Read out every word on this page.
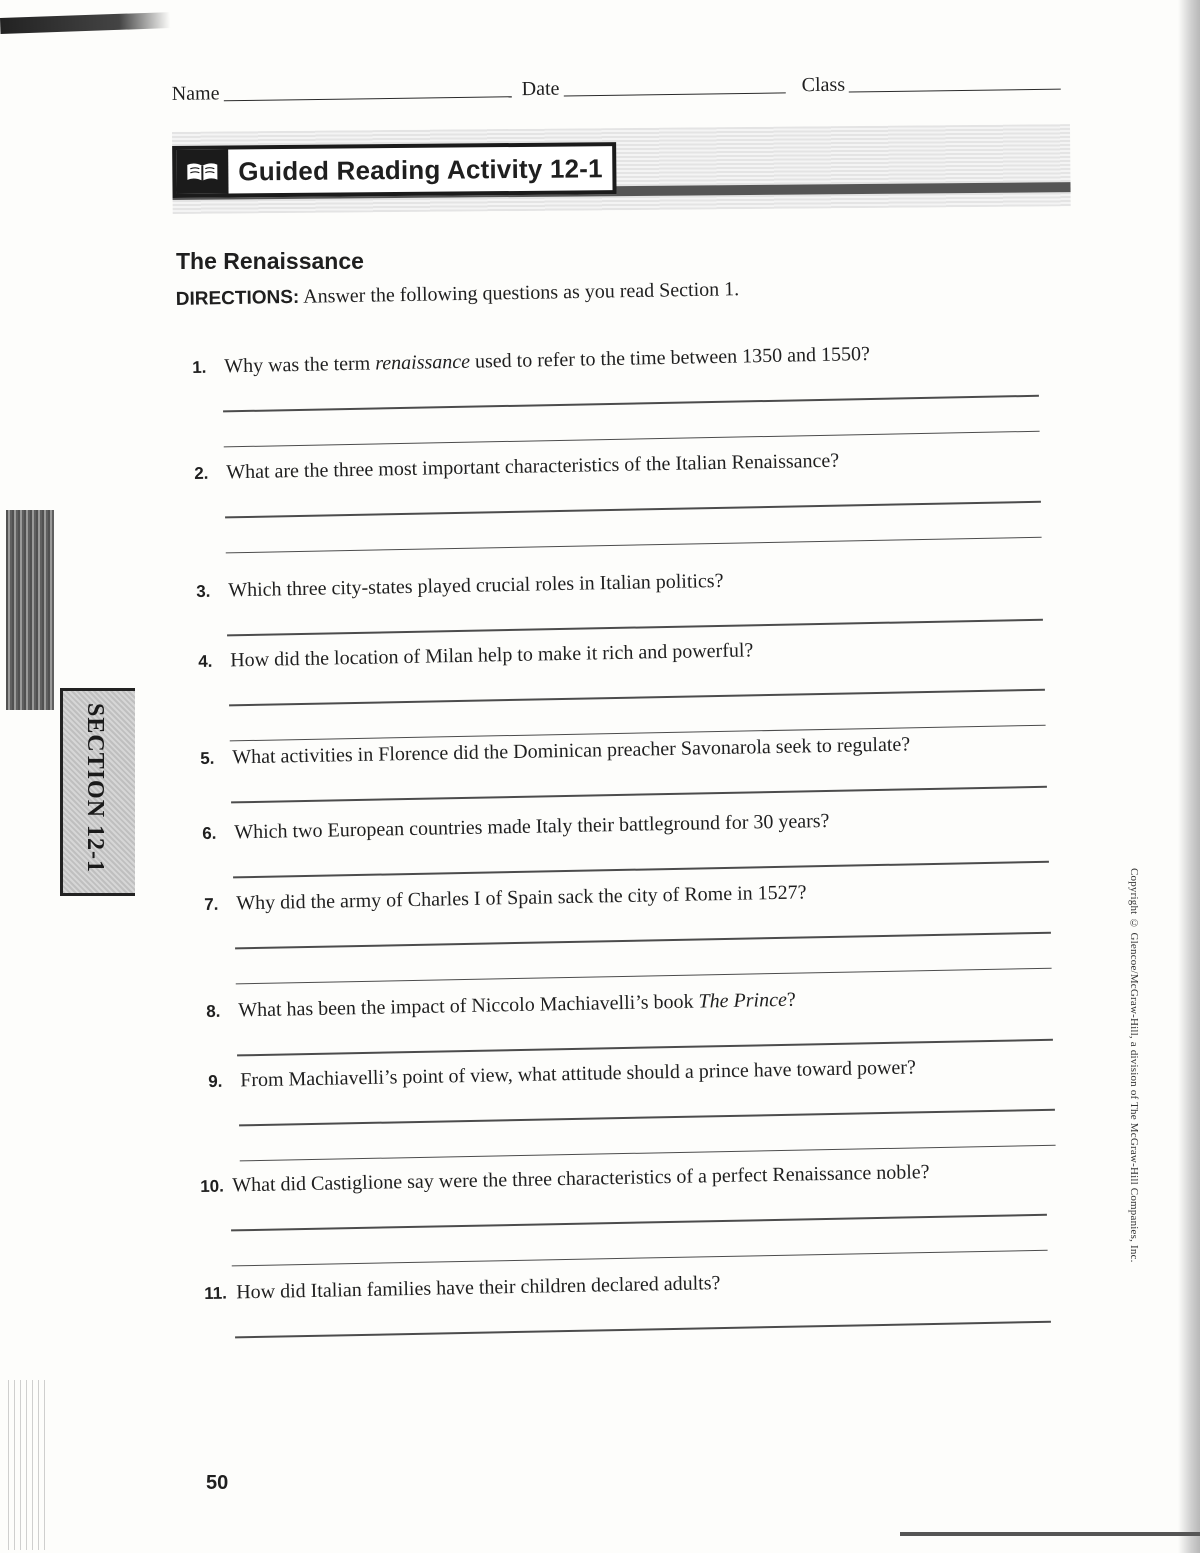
Name	Date	Class
Guided Reading Activity 12-1
The Renaissance
DIRECTIONS: Answer the following questions as you read Section 1.
1. Why was the term renaissance used to refer to the time between 1350 and 1550?
2. What are the three most important characteristics of the Italian Renaissance?
3. Which three city-states played crucial roles in Italian politics?
4. How did the location of Milan help to make it rich and powerful?
5. What activities in Florence did the Dominican preacher Savonarola seek to regulate?
6. Which two European countries made Italy their battleground for 30 years?
7. Why did the army of Charles I of Spain sack the city of Rome in 1527?
8. What has been the impact of Niccolo Machiavelli’s book The Prince?
9. From Machiavelli’s point of view, what attitude should a prince have toward power?
10. What did Castiglione say were the three characteristics of a perfect Renaissance noble?
11. How did Italian families have their children declared adults?
SECTION 12-1
Copyright © Glencoe/McGraw-Hill, a division of The McGraw-Hill Companies, Inc.
50
